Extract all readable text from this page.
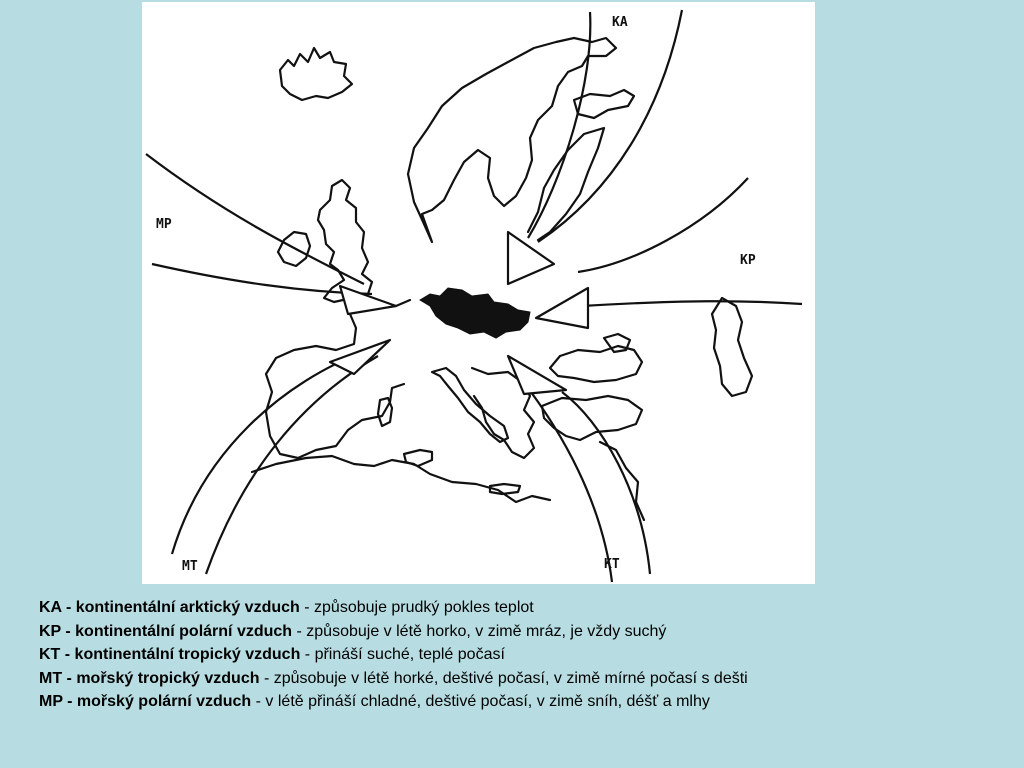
KA
KP
KT
MT
MP
KA - kontinentální arktický vzduch - způsobuje prudký pokles teplot
KP - kontinentální polární vzduch - způsobuje v létě horko, v zimě mráz, je vždy suchý
KT - kontinentální tropický vzduch - přináší suché, teplé počasí
MT - mořský tropický vzduch - způsobuje v létě horké, deštivé počasí, v zimě mírné počasí s dešti
MP - mořský polární vzduch - v létě přináší chladné, deštivé počasí, v zimě sníh, déšť a mlhy
